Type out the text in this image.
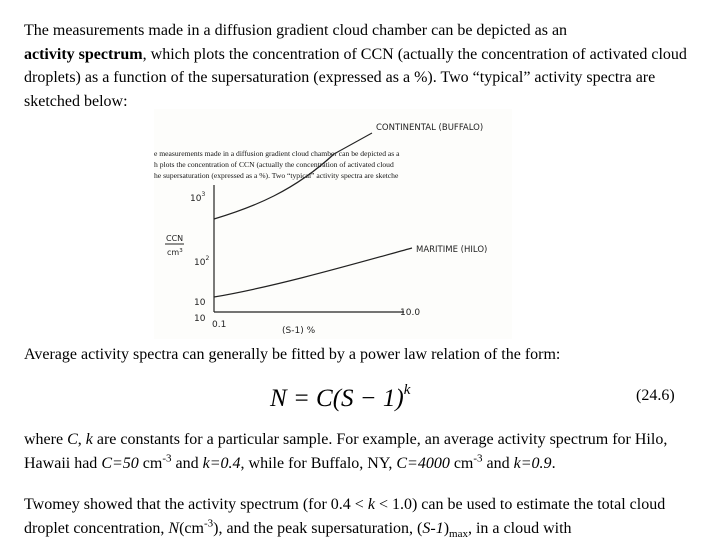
The measurements made in a diffusion gradient cloud chamber can be depicted as an
activity spectrum, which plots the concentration of CCN (actually the concentration of activated cloud droplets) as a function of the supersaturation (expressed as a %). Two “typical” activity spectra are sketched below:

e measurements made in a diffusion gradient cloud chamber can be depicted as a
h plots the concentration of CCN (actually the concentration of activated cloud
he supersaturation (expressed as a %). Two “typical” activity spectra are sketche
CONTINENTAL (BUFFALO)
MARITIME (HILO)
$10^3$
$10^2$
10
10
CCN
$cm^3$
0.1
10.0
(S-1) %

Average activity spectra can generally be fitted by a power law relation of the form:

$N = C(S - 1)^k$	(24.6)

where C, k are constants for a particular sample. For example, an average activity spectrum for Hilo, Hawaii had C=50 $cm^{-3}$ and k=0.4, while for Buffalo, NY, C=4000 $cm^{-3}$ and k=0.9.

Twomey showed that the activity spectrum (for 0.4 < k < 1.0) can be used to estimate the total cloud droplet concentration, $N(cm^{-3})$, and the peak supersaturation, $(S-1)_{max}$, in a cloud with
